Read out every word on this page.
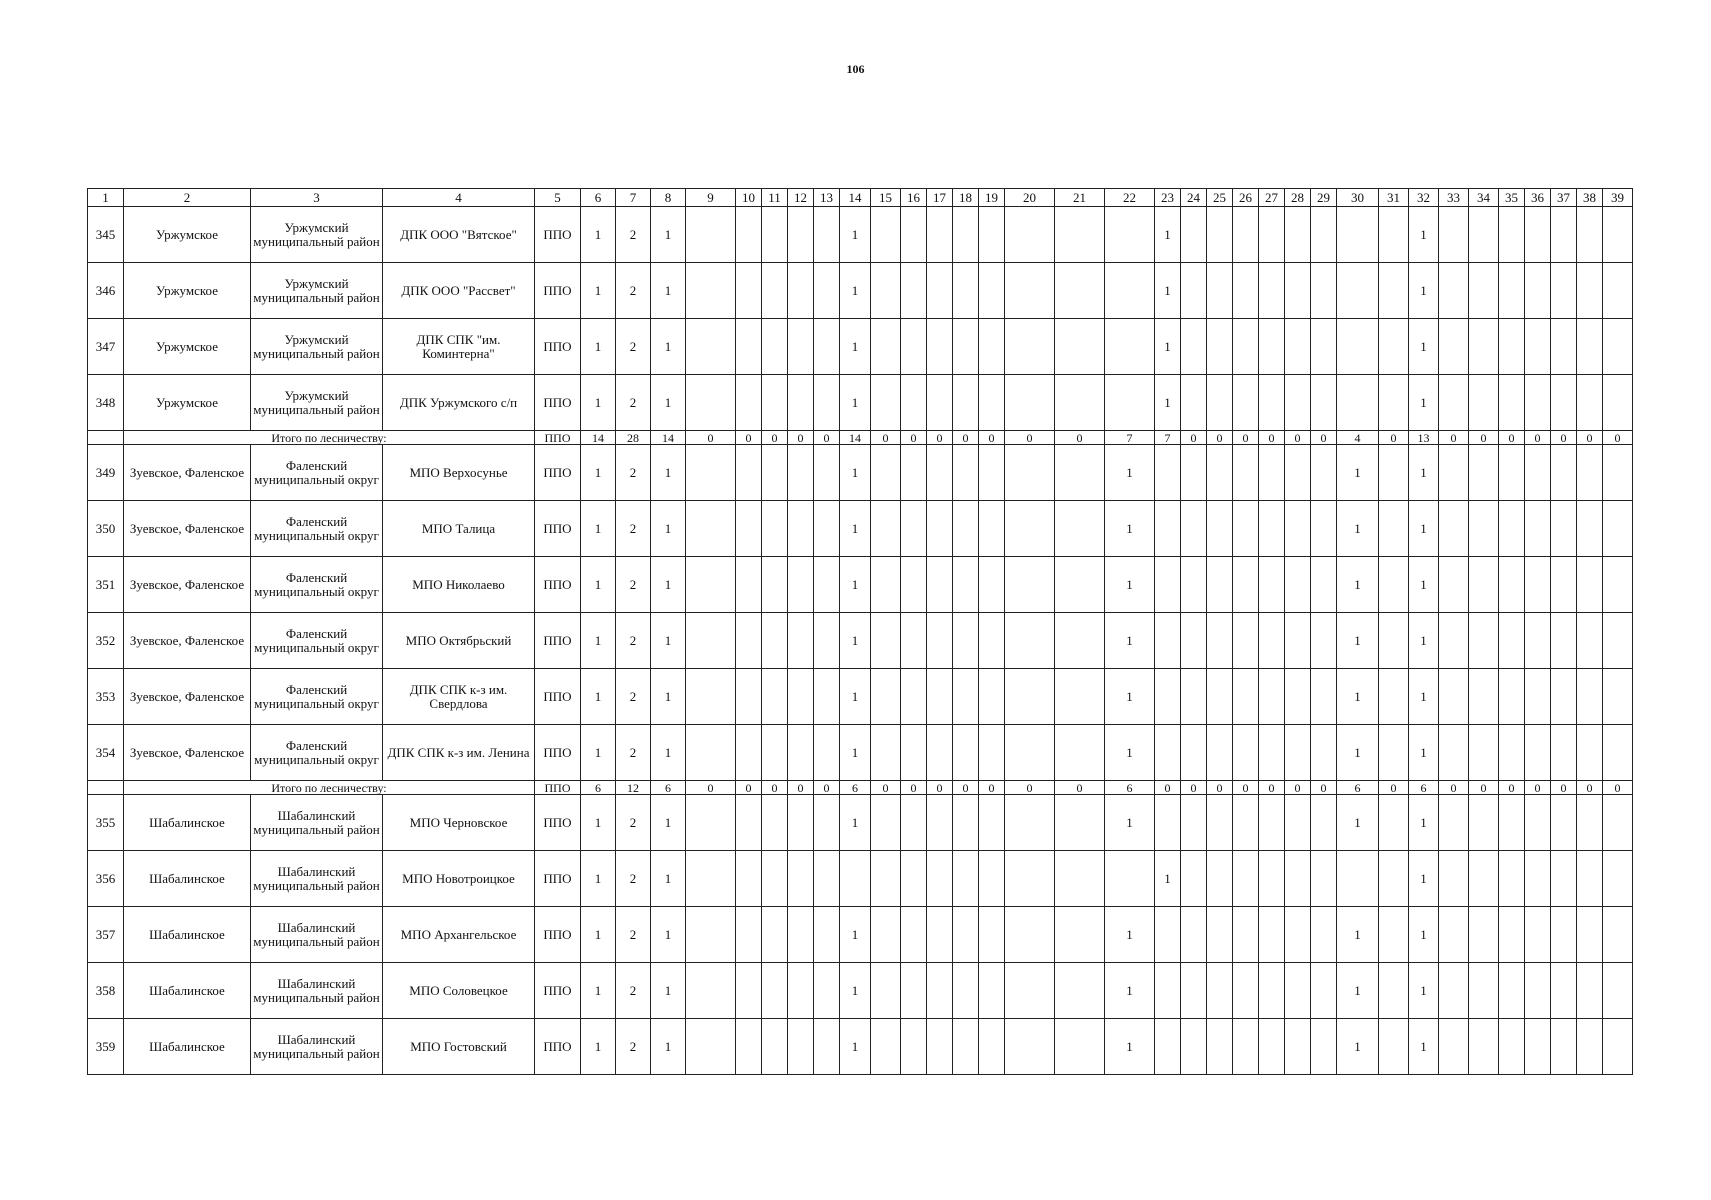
106
1	2	3	4	5	6	7	8	9	10	11	12	13	14	15	16	17	18	19	20	21	22	23	24	25	26	27	28	29	30	31	32	33	34	35	36	37	38	39
345	Уржумское	Уржумский муниципальный район	ДПК ООО "Вятское"	ППО	1	2	1						1									1									1							
346	Уржумское	Уржумский муниципальный район	ДПК ООО "Рассвет"	ППО	1	2	1						1									1									1							
347	Уржумское	Уржумский муниципальный район	ДПК СПК "им. Коминтерна"	ППО	1	2	1						1									1									1							
348	Уржумское	Уржумский муниципальный район	ДПК Уржумского с/п	ППО	1	2	1						1									1									1							
	Итого по лесничеству:			ППО	14	28	14	0	0	0	0	0	14	0	0	0	0	0	0	0	7	7	0	0	0	0	0	0	4	0	13	0	0	0	0	0	0	0
349	Зуевское, Фаленское	Фаленский муниципальный округ	МПО Верхосунье	ППО	1	2	1						1								1								1		1							
350	Зуевское, Фаленское	Фаленский муниципальный округ	МПО Талица	ППО	1	2	1						1								1								1		1							
351	Зуевское, Фаленское	Фаленский муниципальный округ	МПО Николаево	ППО	1	2	1						1								1								1		1							
352	Зуевское, Фаленское	Фаленский муниципальный округ	МПО Октябрьский	ППО	1	2	1						1								1								1		1							
353	Зуевское, Фаленское	Фаленский муниципальный округ	ДПК СПК к-з им. Свердлова	ППО	1	2	1						1								1								1		1							
354	Зуевское, Фаленское	Фаленский муниципальный округ	ДПК СПК к-з им. Ленина	ППО	1	2	1						1								1								1		1							
	Итого по лесничеству:			ППО	6	12	6	0	0	0	0	0	6	0	0	0	0	0	0	0	6	0	0	0	0	0	0	0	6	0	6	0	0	0	0	0	0	0
355	Шабалинское	Шабалинский муниципальный район	МПО Черновское	ППО	1	2	1						1								1								1		1							
356	Шабалинское	Шабалинский муниципальный район	МПО Новотроицкое	ППО	1	2	1															1									1							
357	Шабалинское	Шабалинский муниципальный район	МПО Архангельское	ППО	1	2	1						1								1								1		1							
358	Шабалинское	Шабалинский муниципальный район	МПО Соловецкое	ППО	1	2	1						1								1								1		1							
359	Шабалинское	Шабалинский муниципальный район	МПО Гостовский	ППО	1	2	1						1								1								1		1							
